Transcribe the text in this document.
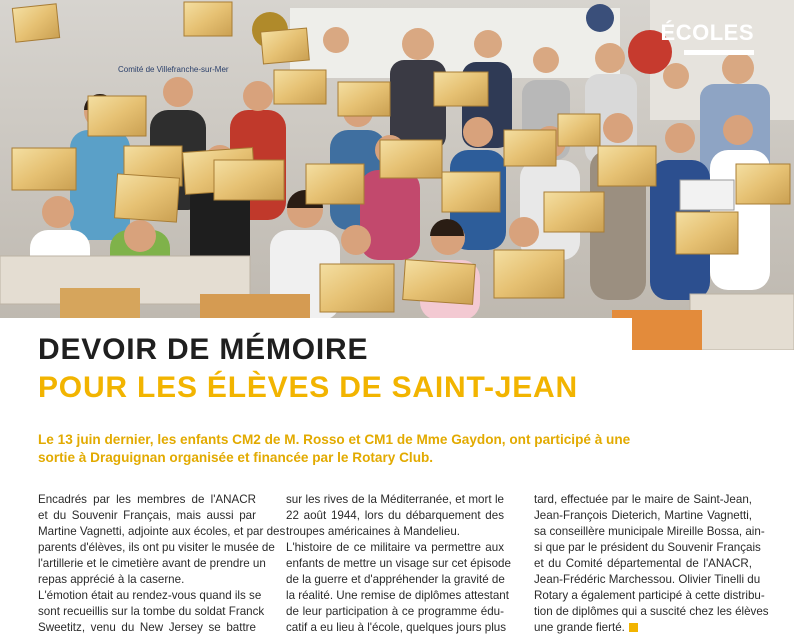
Comité de Villefranche-sur-Mer
ÉCOLES
DEVOIR DE MÉMOIRE
POUR LES ÉLÈVES DE SAINT-JEAN

Le 13 juin dernier, les enfants CM2 de M. Rosso et CM1 de Mme Gaydon, ont participé à une

sortie à Draguignan organisée et financée par le Rotary Club.

Encadrés par les membres de l'ANACR

et du Souvenir Français, mais aussi par

Martine Vagnetti, adjointe aux écoles, et par des

parents d'élèves, ils ont pu visiter le musée de

l'artillerie et le cimetière avant de prendre un

repas apprécié à la caserne.

L'émotion était au rendez-vous quand ils se

sont recueillis sur la tombe du soldat Franck

Sweetitz, venu du New Jersey se battre

sur les rives de la Méditerranée, et mort le

22 août 1944, lors du débarquement des

troupes américaines à Mandelieu.

L'histoire de ce militaire va permettre aux

enfants de mettre un visage sur cet épisode

de la guerre et d'appréhender la gravité de

la réalité. Une remise de diplômes attestant

de leur participation à ce programme édu-

catif a eu lieu à l'école, quelques jours plus

tard, effectuée par le maire de Saint-Jean,

Jean-François Dieterich, Martine Vagnetti,

sa conseillère municipale Mireille Bossa, ain-

si que par le président du Souvenir Français

et du Comité départemental de l'ANACR,

Jean-Frédéric Marchessou. Olivier Tinelli du

Rotary a également participé à cette distribu-

tion de diplômes qui a suscité chez les élèves

une grande fierté.
